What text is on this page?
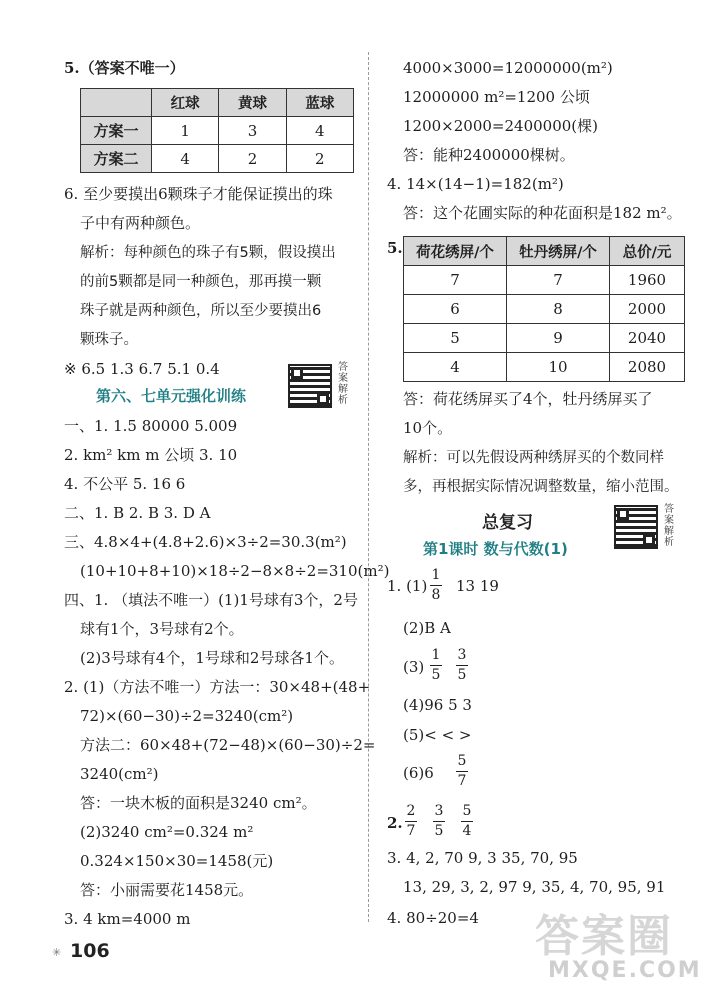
5.（答案不唯一）
	红球	黄球	蓝球
方案一	1	3	4
方案二	4	2	2
6. 至少要摸出6颗珠子才能保证摸出的珠
子中有两种颜色。
解析：每种颜色的珠子有5颗，假设摸出
的前5颗都是同一种颜色，那再摸一颗
珠子就是两种颜色，所以至少要摸出6
颗珠子。
※ 6.5 1.3 6.7 5.1 0.4
第六、七单元强化训练
答案解析
一、1. 1.5 80000 5.009
2. km² km m 公顷 3. 10
4. 不公平 5. 16 6
二、1. B 2. B 3. D A
三、4.8×4+(4.8+2.6)×3÷2=30.3(m²)
(10+10+8+10)×18÷2−8×8÷2=310(m²)
四、1. （填法不唯一）(1)1号球有3个，2号
球有1个，3号球有2个。
(2)3号球有4个，1号球和2号球各1个。
2. (1)（方法不唯一）方法一：30×48+(48+
72)×(60−30)÷2=3240(cm²)
方法二：60×48+(72−48)×(60−30)÷2=
3240(cm²)
答：一块木板的面积是3240 cm²。
(2)3240 cm²=0.324 m²
0.324×150×30=1458(元)
答：小丽需要花1458元。
3. 4 km=4000 m
4000×3000=12000000(m²)
12000000 m²=1200 公顷
1200×2000=2400000(棵)
答：能种2400000棵树。
4. 14×(14−1)=182(m²)
答：这个花圃实际的种花面积是182 m²。
5. 荷花绣屏/个	牡丹绣屏/个	总价/元
7	7	1960
6	8	2000
5	9	2040
4	10	2080
答：荷花绣屏买了4个，牡丹绣屏买了
10个。
解析：可以先假设两种绣屏买的个数同样
多，再根据实际情况调整数量，缩小范围。
总复习
第1课时 数与代数(1)
答案解析
1. (1)
1
8 13 19
(2)B A
(3)
1
5
3
5
(4)96 5 3
(5)< < >
(6)6
5
7
2.
2
7
3
5
5
4
3. 4, 2, 70 9, 3 35, 70, 95
13, 29, 3, 2, 97 9, 35, 4, 70, 95, 91
4. 80÷20=4
✳ 106	答案圈
MXQE.COM
